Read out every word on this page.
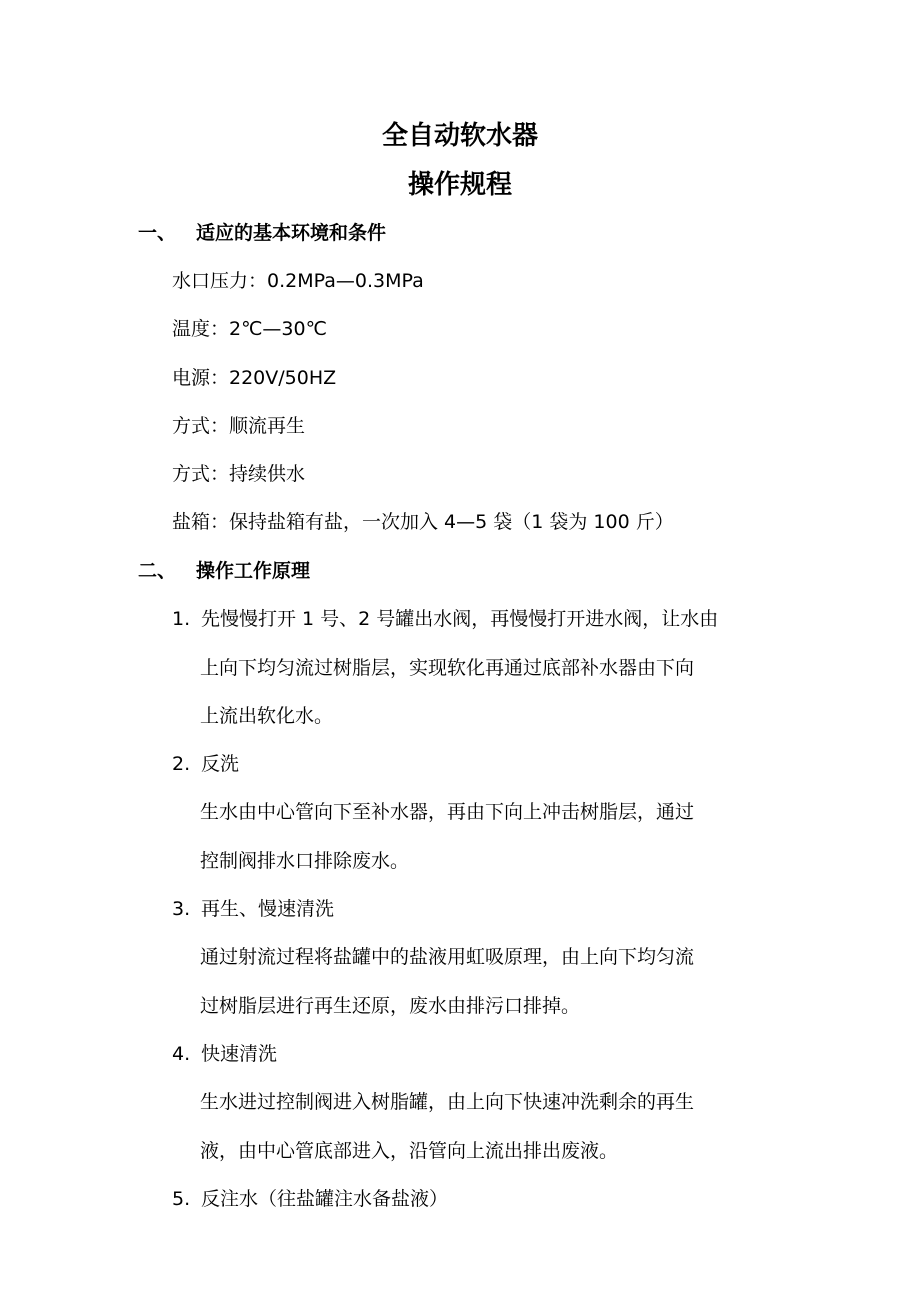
全自动软水器
操作规程
一、 适应的基本环境和条件
水口压力：0.2MPa—0.3MPa
温度：2℃—30℃
电源：220V/50HZ
方式：顺流再生
方式：持续供水
盐箱：保持盐箱有盐，一次加入 4—5 袋（1 袋为 100 斤）
二、 操作工作原理
1. 先慢慢打开 1 号、2 号罐出水阀，再慢慢打开进水阀，让水由
上向下均匀流过树脂层，实现软化再通过底部补水器由下向
上流出软化水。
2. 反洗
生水由中心管向下至补水器，再由下向上冲击树脂层，通过
控制阀排水口排除废水。
3. 再生、慢速清洗
通过射流过程将盐罐中的盐液用虹吸原理，由上向下均匀流
过树脂层进行再生还原，废水由排污口排掉。
4. 快速清洗
生水进过控制阀进入树脂罐，由上向下快速冲洗剩余的再生
液，由中心管底部进入，沿管向上流出排出废液。
5. 反注水（往盐罐注水备盐液）
